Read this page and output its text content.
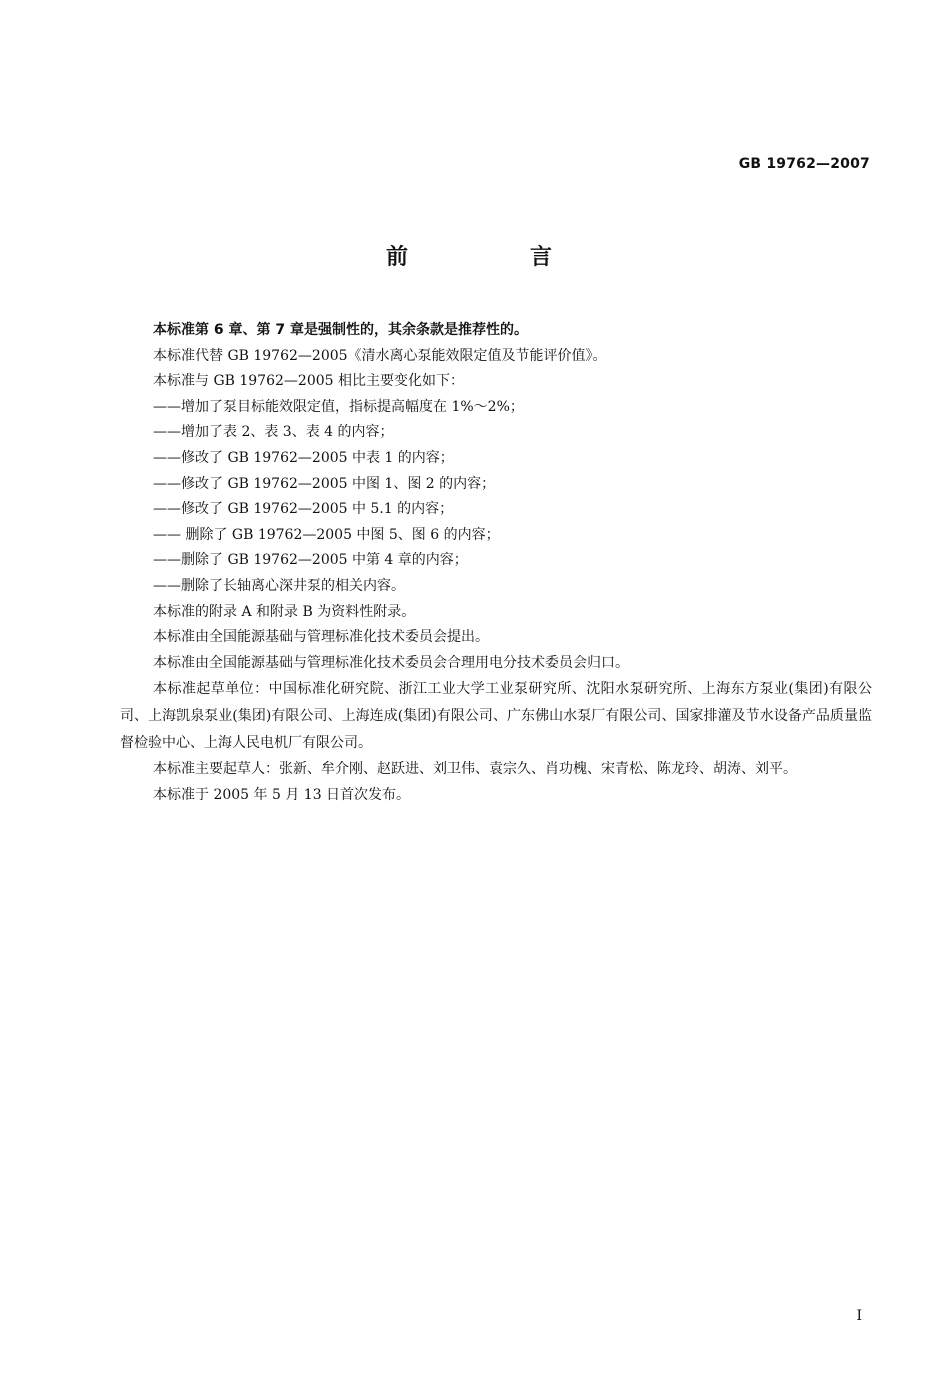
GB 19762—2007
前　言

本标准第 6 章、第 7 章是强制性的，其余条款是推荐性的。

本标准代替 GB 19762—2005《清水离心泵能效限定值及节能评价值》。

本标准与 GB 19762—2005 相比主要变化如下：

——增加了泵目标能效限定值，指标提高幅度在 1%～2%；

——增加了表 2、表 3、表 4 的内容；

——修改了 GB 19762—2005 中表 1 的内容；

——修改了 GB 19762—2005 中图 1、图 2 的内容；

——修改了 GB 19762—2005 中 5.1 的内容；

—— 删除了 GB 19762—2005 中图 5、图 6 的内容；

——删除了 GB 19762—2005 中第 4 章的内容；

——删除了长轴离心深井泵的相关内容。

本标准的附录 A 和附录 B 为资料性附录。

本标准由全国能源基础与管理标准化技术委员会提出。

本标准由全国能源基础与管理标准化技术委员会合理用电分技术委员会归口。

本标准起草单位：中国标准化研究院、浙江工业大学工业泵研究所、沈阳水泵研究所、上海东方泵业(集团)有限公司、上海凯泉泵业(集团)有限公司、上海连成(集团)有限公司、广东佛山水泵厂有限公司、国家排灌及节水设备产品质量监督检验中心、上海人民电机厂有限公司。

本标准主要起草人：张新、牟介刚、赵跃进、刘卫伟、袁宗久、肖功槐、宋青松、陈龙玲、胡涛、刘平。

本标准于 2005 年 5 月 13 日首次发布。

I
